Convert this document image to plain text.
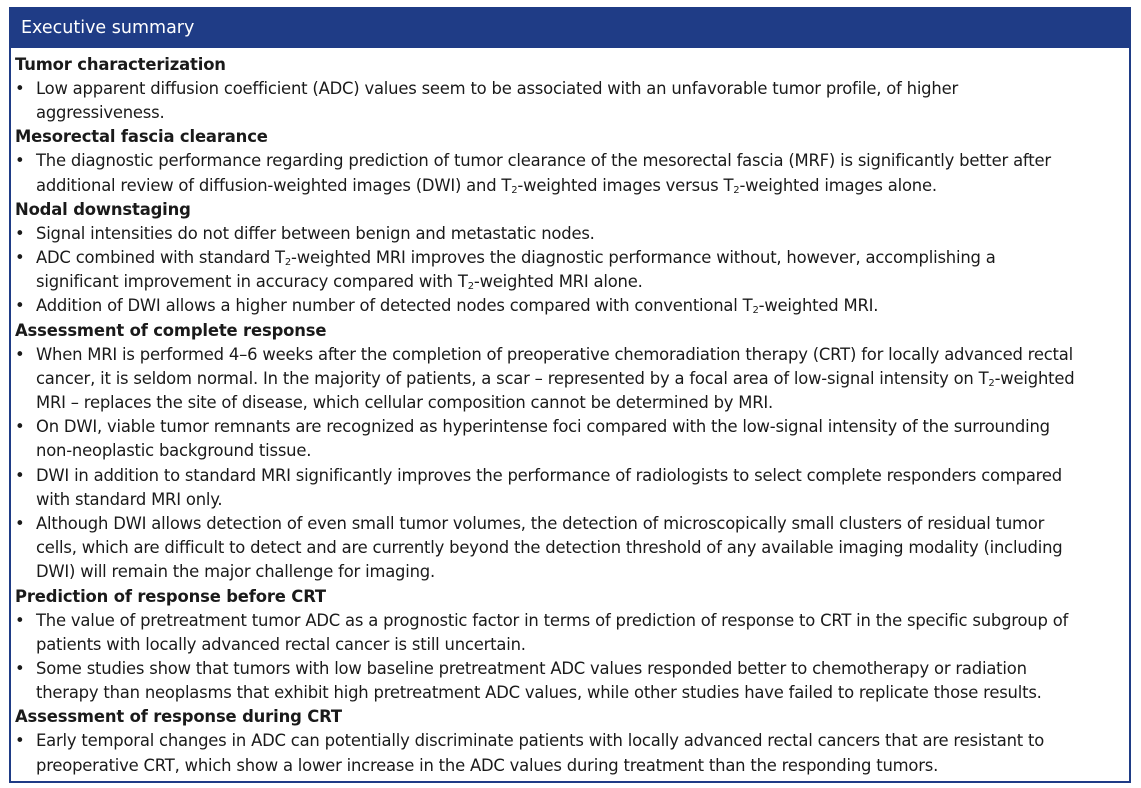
Executive summary
Tumor characterization
• Low apparent diffusion coefficient (ADC) values seem to be associated with an unfavorable tumor profile, of higher
aggressiveness.
Mesorectal fascia clearance
• The diagnostic performance regarding prediction of tumor clearance of the mesorectal fascia (MRF) is significantly better after
additional review of diffusion-weighted images (DWI) and $T_2$-weighted images versus $T_2$-weighted images alone.
Nodal downstaging
• Signal intensities do not differ between benign and metastatic nodes.
• ADC combined with standard $T_2$-weighted MRI improves the diagnostic performance without, however, accomplishing a
significant improvement in accuracy compared with $T_2$-weighted MRI alone.
• Addition of DWI allows a higher number of detected nodes compared with conventional $T_2$-weighted MRI.
Assessment of complete response
• When MRI is performed 4–6 weeks after the completion of preoperative chemoradiation therapy (CRT) for locally advanced rectal
cancer, it is seldom normal. In the majority of patients, a scar – represented by a focal area of low-signal intensity on $T_2$-weighted
MRI – replaces the site of disease, which cellular composition cannot be determined by MRI.
• On DWI, viable tumor remnants are recognized as hyperintense foci compared with the low-signal intensity of the surrounding
non-neoplastic background tissue.
• DWI in addition to standard MRI significantly improves the performance of radiologists to select complete responders compared
with standard MRI only.
• Although DWI allows detection of even small tumor volumes, the detection of microscopically small clusters of residual tumor
cells, which are difficult to detect and are currently beyond the detection threshold of any available imaging modality (including
DWI) will remain the major challenge for imaging.
Prediction of response before CRT
• The value of pretreatment tumor ADC as a prognostic factor in terms of prediction of response to CRT in the specific subgroup of
patients with locally advanced rectal cancer is still uncertain.
• Some studies show that tumors with low baseline pretreatment ADC values responded better to chemotherapy or radiation
therapy than neoplasms that exhibit high pretreatment ADC values, while other studies have failed to replicate those results.
Assessment of response during CRT
• Early temporal changes in ADC can potentially discriminate patients with locally advanced rectal cancers that are resistant to
preoperative CRT, which show a lower increase in the ADC values during treatment than the responding tumors.
